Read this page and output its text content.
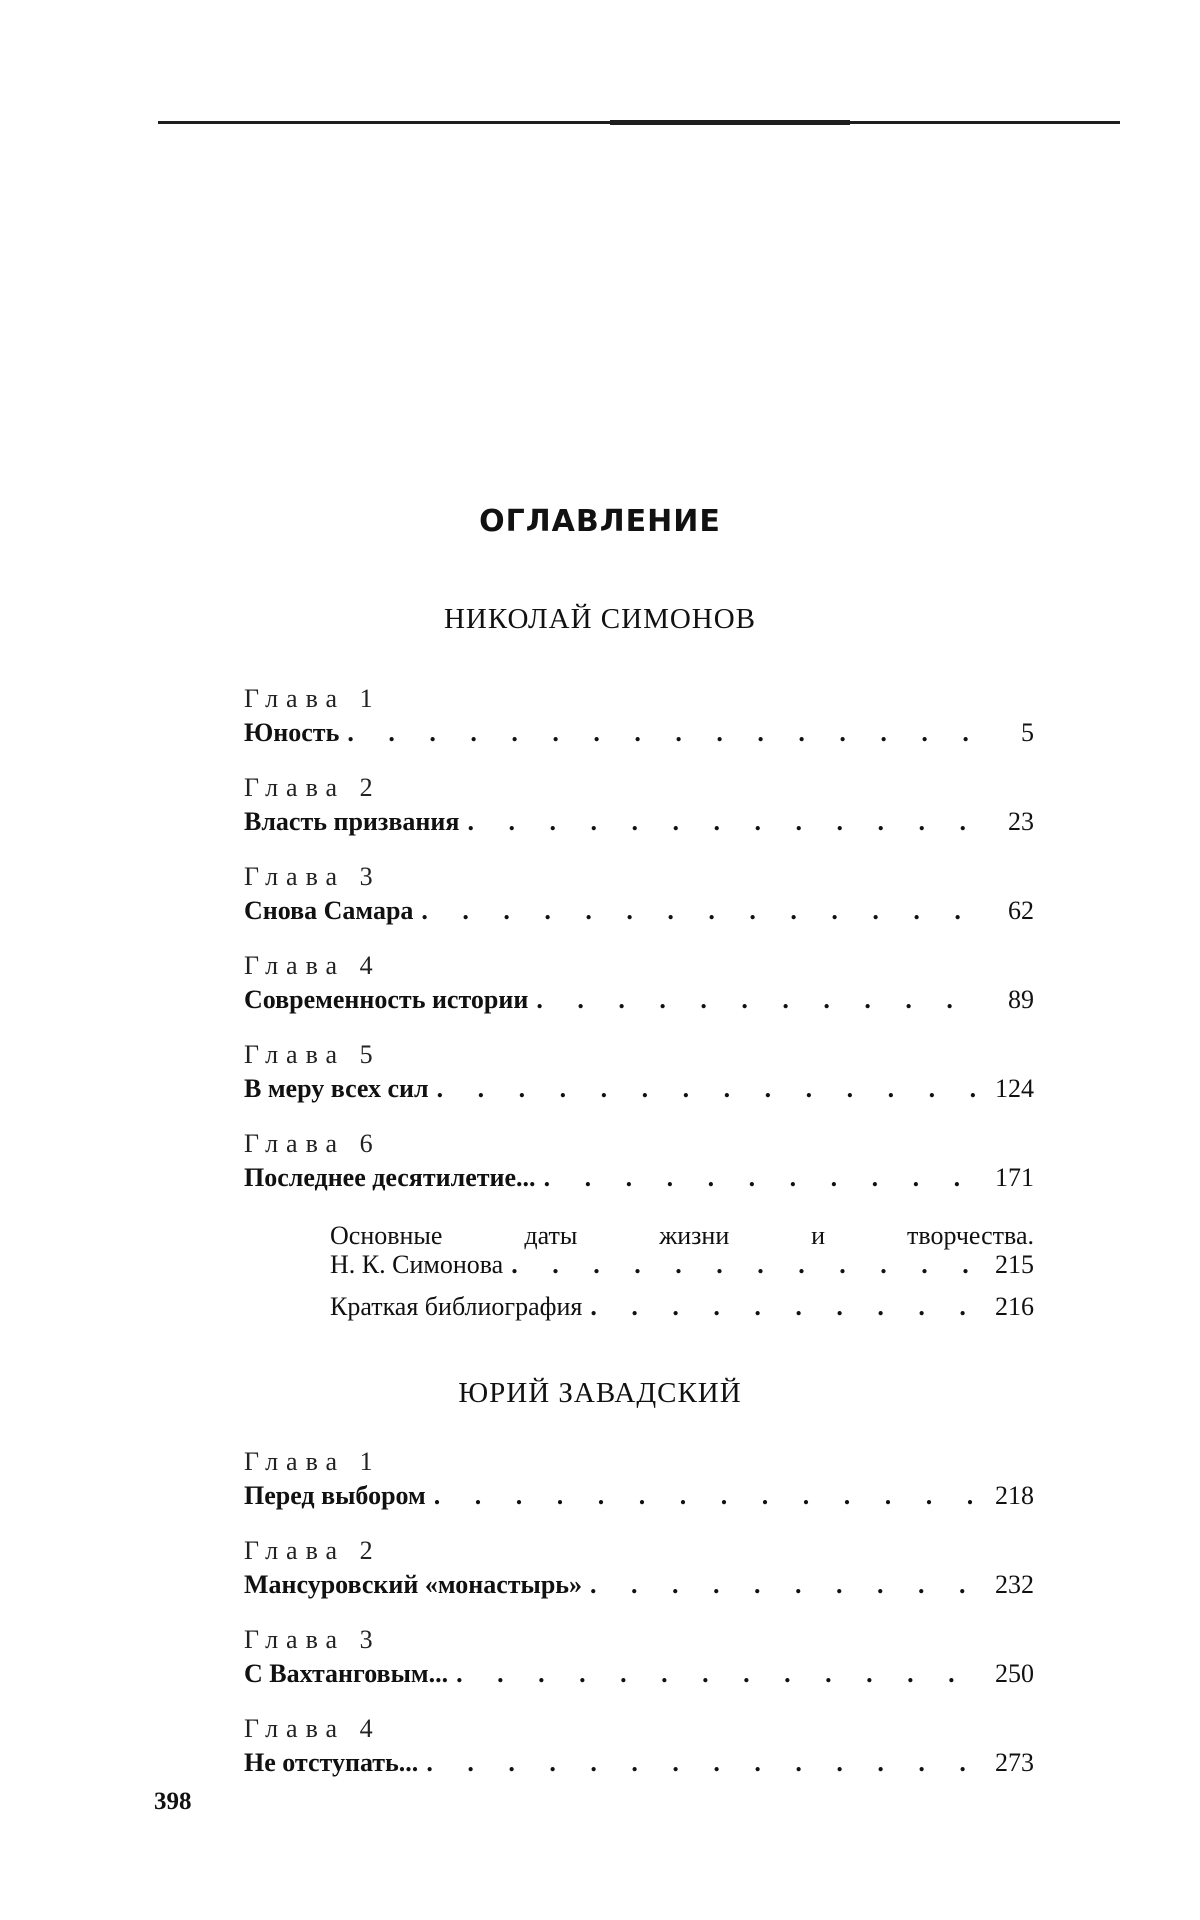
ОГЛАВЛЕНИЕ
НИКОЛАЙ СИМОНОВ
Глава 1
Юность . . .	5
Глава 2
Власть призвания . . .	23
Глава 3
Снова Самара . . .	62
Глава 4
Современность истории . . .	89
Глава 5
В меру всех сил . . .	124
Глава 6
Последнее десятилетие... . . .	171
Основные даты жизни и творчества.
Н. К. Симонова . . .	215
Краткая библиография . . .	216
ЮРИЙ ЗАВАДСКИЙ
Глава 1
Перед выбором . . .	218
Глава 2
Мансуровский «монастырь» . . .	232
Глава 3
С Вахтанговым... . . .	250
Глава 4
Не отступать... . . .	273
398
